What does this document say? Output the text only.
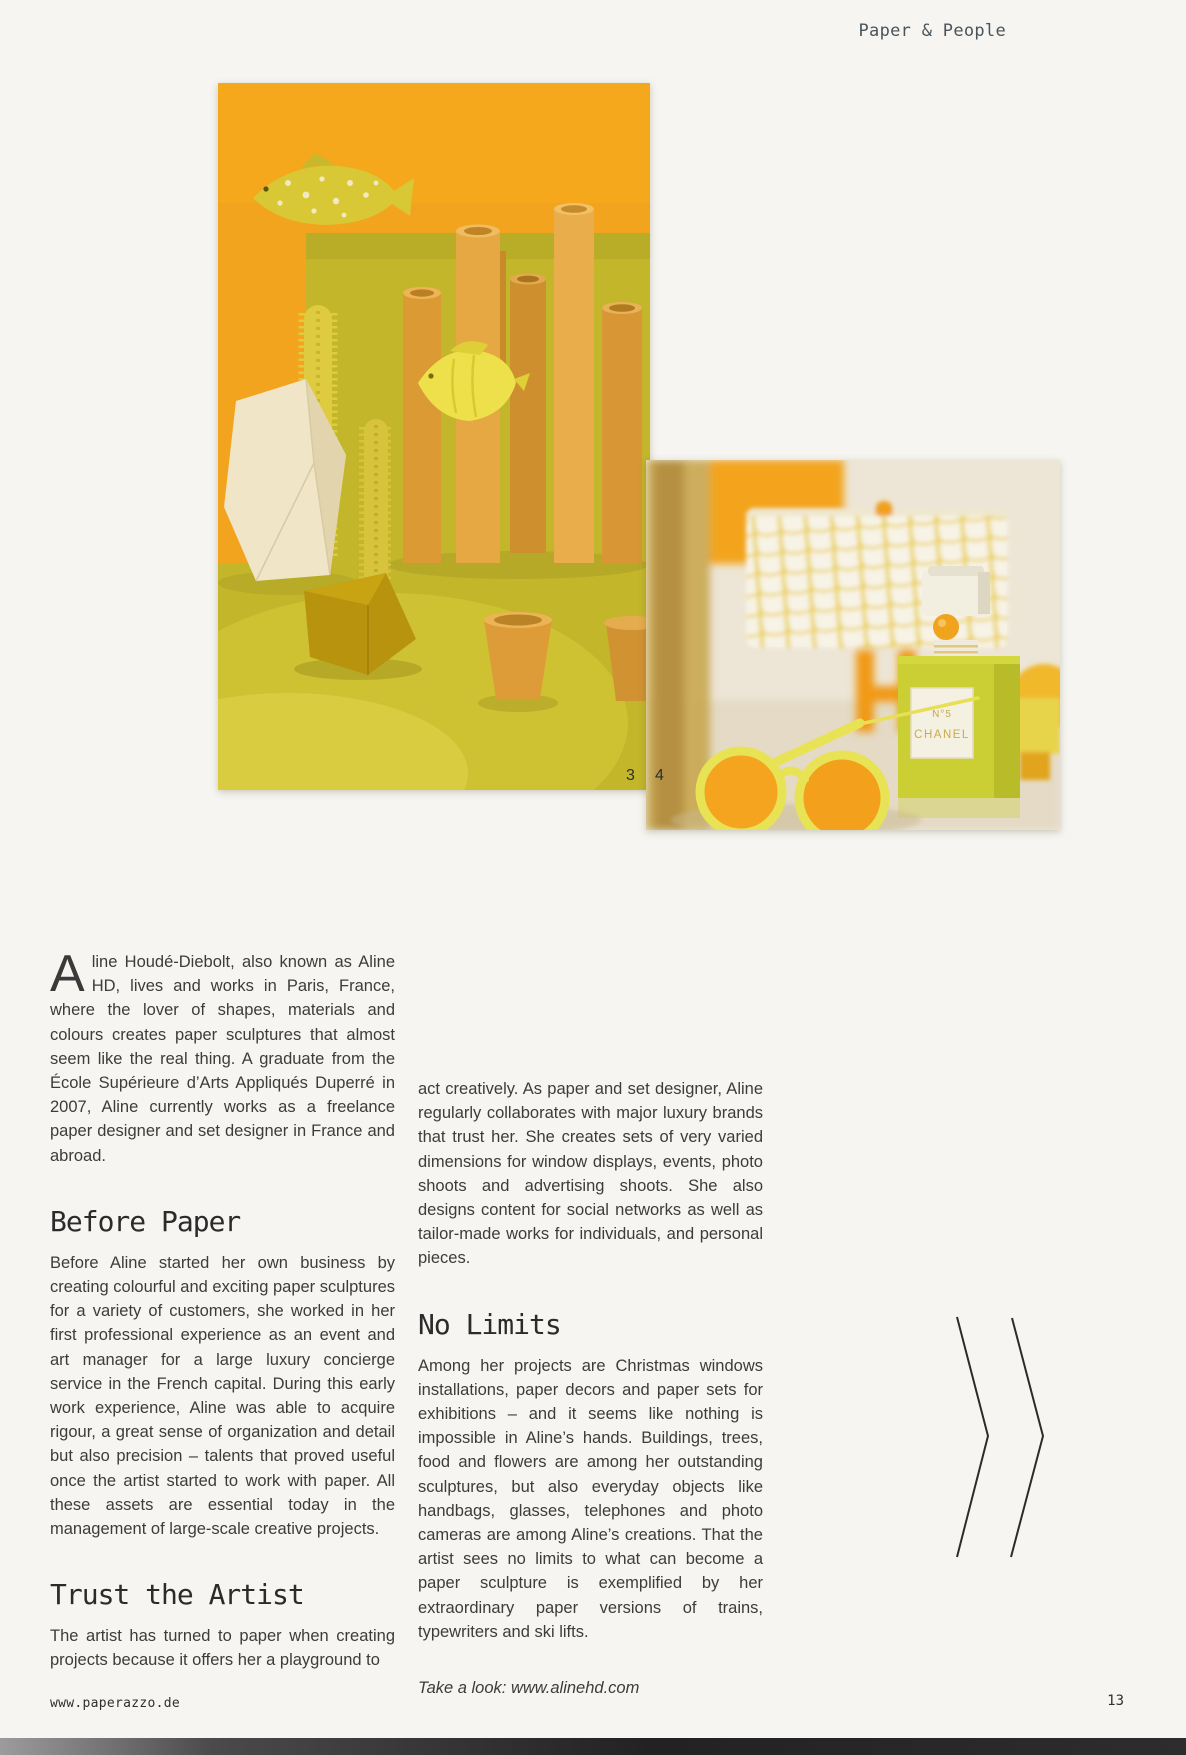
Paper & People
N°5
CHANEL
3 4

Aline Houdé-Diebolt, also known as Aline HD, lives and works in Paris, France, where the lover of shapes, materials and colours creates paper sculptures that almost seem like the real thing. A graduate from the École Supérieure d’Arts Appliqués Duperré in 2007, Aline currently works as a freelance paper designer and set designer in France and abroad.

Before Paper

Before Aline started her own business by creating colourful and exciting paper sculptures for a variety of customers, she worked in her first professional experience as an event and art manager for a large luxury concierge service in the French capital. During this early work experience, Aline was able to acquire rigour, a great sense of organization and detail but also precision – talents that proved useful once the artist started to work with paper. All these assets are essential today in the management of large-scale creative projects.

Trust the Artist

The artist has turned to paper when creating projects because it offers her a playground to

act creatively. As paper and set designer, Aline regularly collaborates with major luxury brands that trust her. She creates sets of very varied dimensions for window displays, events, photo shoots and advertising shoots. She also designs content for social networks as well as tailor-made works for individuals, and personal pieces.

No Limits

Among her projects are Christmas windows installations, paper decors and paper sets for exhibitions – and it seems like nothing is impossible in Aline’s hands. Buildings, trees, food and flowers are among her outstanding sculptures, but also everyday objects like handbags, glasses, telephones and photo cameras are among Aline’s creations. That the artist sees no limits to what can become a paper sculpture is exemplified by her extraordinary paper versions of trains, typewriters and ski lifts.

Take a look: www.alinehd.com

www.paperazzo.de	13
